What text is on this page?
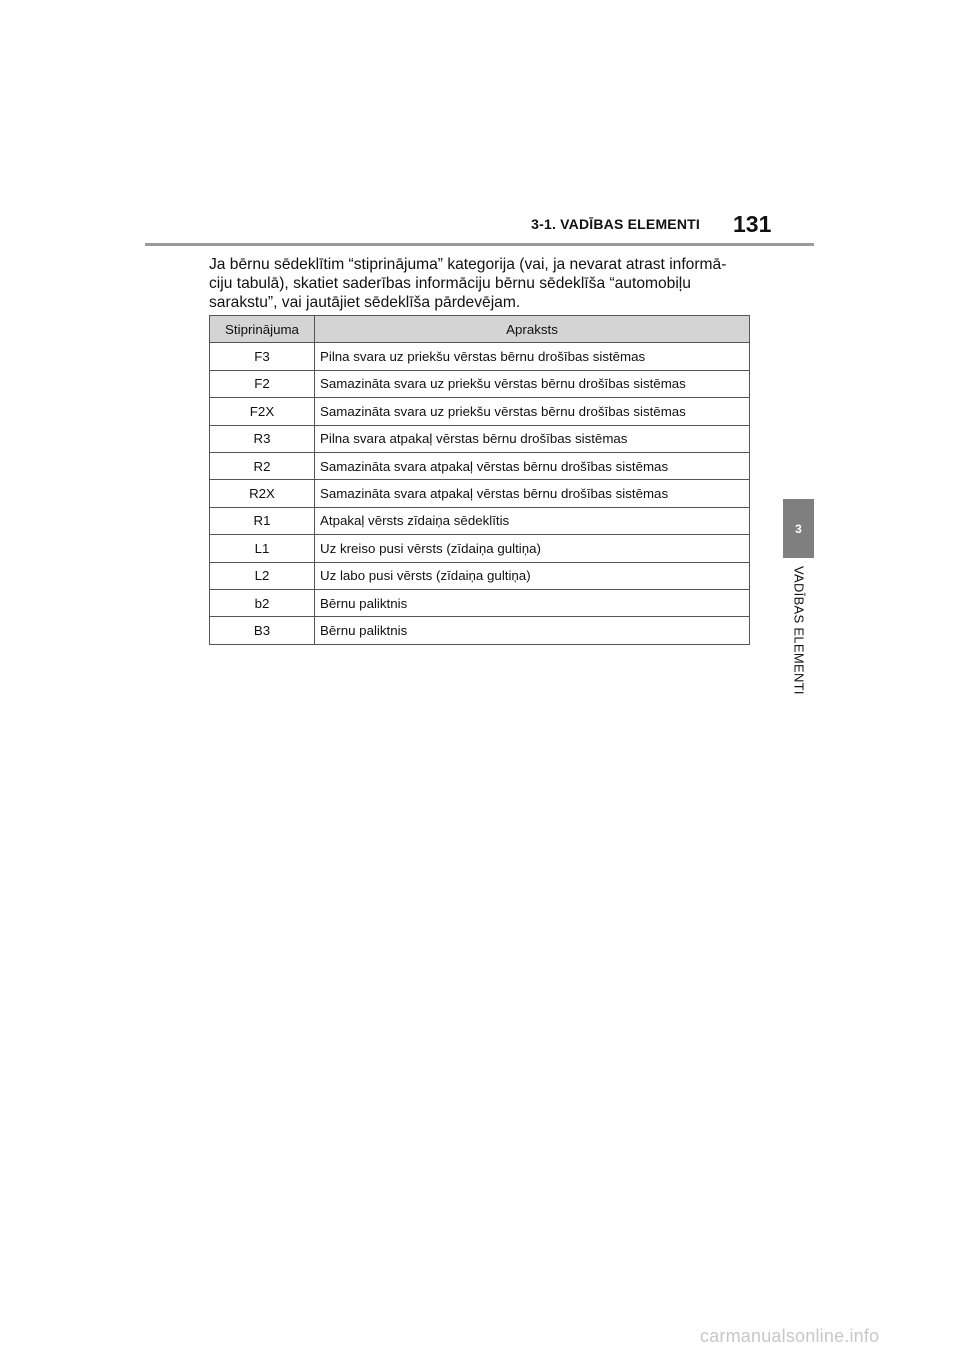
3-1. VADĪBAS ELEMENTI 131

Ja bērnu sēdeklītim “stiprinājuma” kategorija (vai, ja nevarat atrast informā-
ciju tabulā), skatiet saderības informāciju bērnu sēdeklīša “automobiļu
sarakstu”, vai jautājiet sēdeklīša pārdevējam.

Stiprinājuma	Apraksts
F3	Pilna svara uz priekšu vērstas bērnu drošības sistēmas
F2	Samazināta svara uz priekšu vērstas bērnu drošības sistēmas
F2X	Samazināta svara uz priekšu vērstas bērnu drošības sistēmas
R3	Pilna svara atpakaļ vērstas bērnu drošības sistēmas
R2	Samazināta svara atpakaļ vērstas bērnu drošības sistēmas
R2X	Samazināta svara atpakaļ vērstas bērnu drošības sistēmas
R1	Atpakaļ vērsts zīdaiņa sēdeklītis
L1	Uz kreiso pusi vērsts (zīdaiņa gultiņa)
L2	Uz labo pusi vērsts (zīdaiņa gultiņa)
b2	Bērnu paliktnis
B3	Bērnu paliktnis
3
VADĪBAS ELEMENTI
carmanualsonline.info
